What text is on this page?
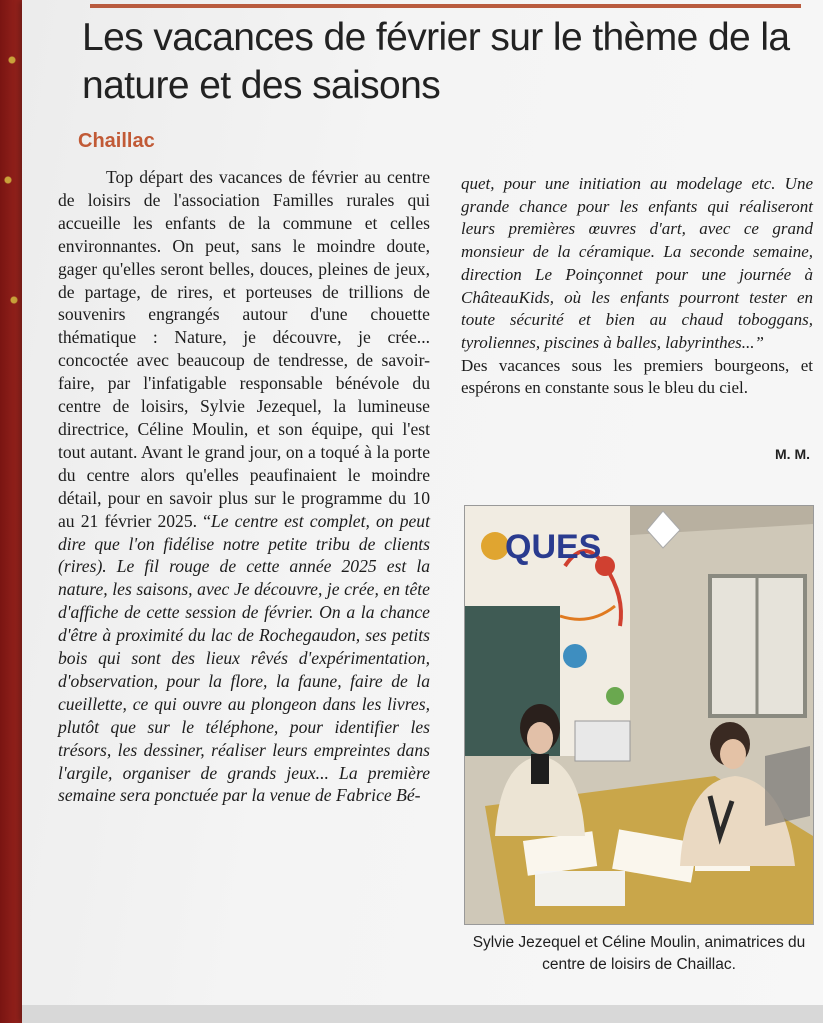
Les vacances de février sur le thème de la nature et des saisons
Chaillac

Top départ des vacances de février au centre de loisirs de l'association Familles rurales qui accueille les enfants de la commune et celles environnantes. On peut, sans le moindre doute, gager qu'elles seront belles, douces, pleines de jeux, de partage, de rires, et porteuses de trillions de souvenirs engrangés autour d'une chouette thématique : Nature, je découvre, je crée... concoctée avec beaucoup de tendresse, de savoir-faire, par l'infatigable responsable bénévole du centre de loisirs, Sylvie Jezequel, la lumineuse directrice, Céline Moulin, et son équipe, qui l'est tout autant. Avant le grand jour, on a toqué à la porte du centre alors qu'elles peaufinaient le moindre détail, pour en savoir plus sur le programme du 10 au 21 février 2025. “Le centre est complet, on peut dire que l'on fidélise notre petite tribu de clients (rires). Le fil rouge de cette année 2025 est la nature, les saisons, avec Je découvre, je crée, en tête d'affiche de cette session de février. On a la chance d'être à proximité du lac de Rochegaudon, ses petits bois qui sont des lieux rêvés d'expérimentation, d'observation, pour la flore, la faune, faire de la cueillette, ce qui ouvre au plongeon dans les livres, plutôt que sur le téléphone, pour identifier les trésors, les dessiner, réaliser leurs empreintes dans l'argile, organiser de grands jeux... La première semaine sera ponctuée par la venue de Fabrice Bé-

quet, pour une initiation au modelage etc. Une grande chance pour les enfants qui réaliseront leurs premières œuvres d'art, avec ce grand monsieur de la céramique. La seconde semaine, direction Le Poinçonnet pour une journée à ChâteauKids, où les enfants pourront tester en toute sécurité et bien au chaud toboggans, tyroliennes, piscines à balles, labyrinthes...”

Des vacances sous les premiers bourgeons, et espérons en constante sous le bleu du ciel.

M. M.
QUES
Sylvie Jezequel et Céline Moulin, animatrices du centre de loisirs de Chaillac.
